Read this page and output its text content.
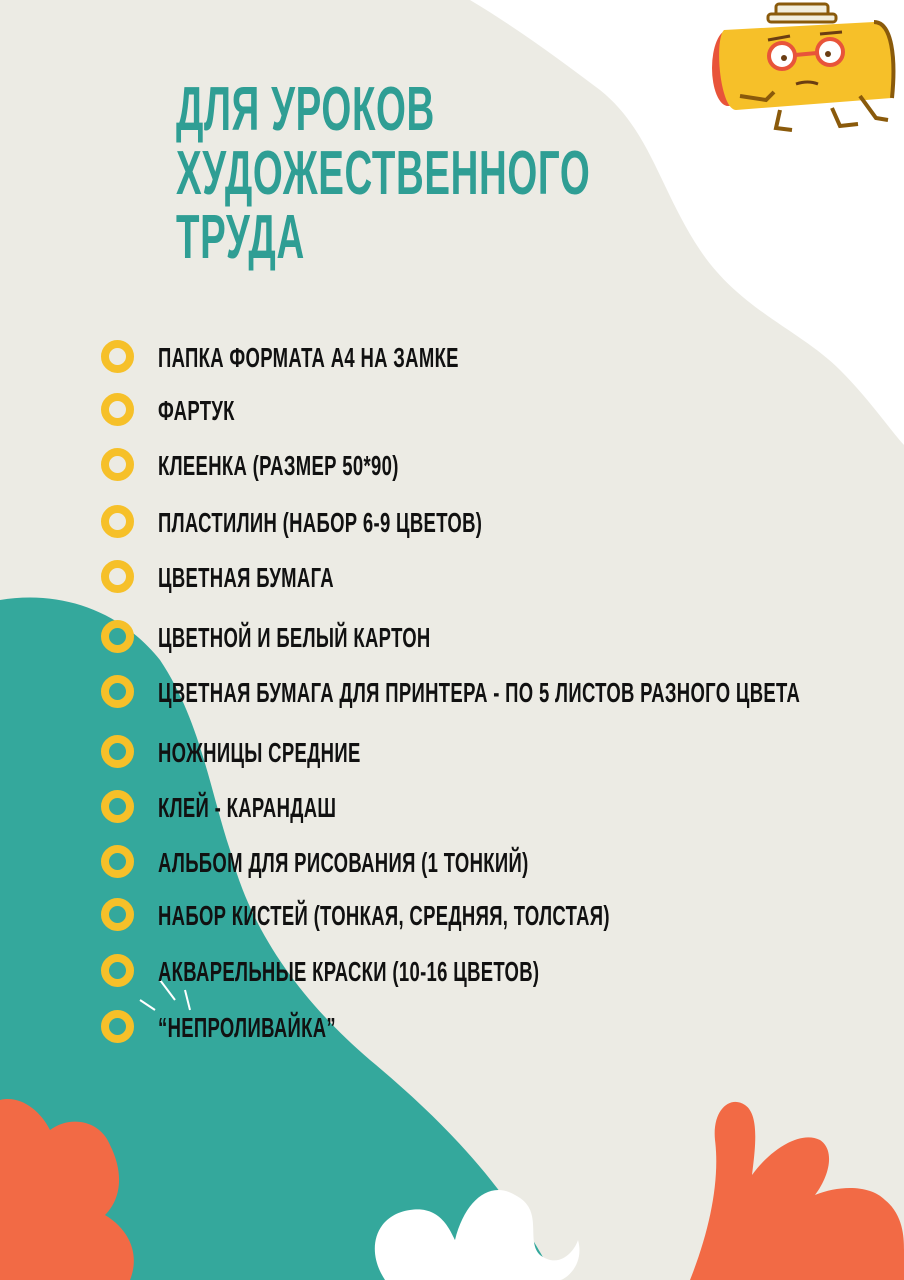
ДЛЯ УРОКОВ
ХУДОЖЕСТВЕННОГО
ТРУДА
ПАПКА ФОРМАТА А4 НА ЗАМКЕ
ФАРТУК
КЛЕЕНКА (РАЗМЕР 50*90)
ПЛАСТИЛИН (НАБОР 6-9 ЦВЕТОВ)
ЦВЕТНАЯ БУМАГА
ЦВЕТНОЙ И БЕЛЫЙ КАРТОН
ЦВЕТНАЯ БУМАГА ДЛЯ ПРИНТЕРА - ПО 5 ЛИСТОВ РАЗНОГО ЦВЕТА
НОЖНИЦЫ СРЕДНИЕ
КЛЕЙ - КАРАНДАШ
АЛЬБОМ ДЛЯ РИСОВАНИЯ (1 ТОНКИЙ)
НАБОР КИСТЕЙ (ТОНКАЯ, СРЕДНЯЯ, ТОЛСТАЯ)
АКВАРЕЛЬНЫЕ КРАСКИ (10-16 ЦВЕТОВ)
“НЕПРОЛИВАЙКА”
